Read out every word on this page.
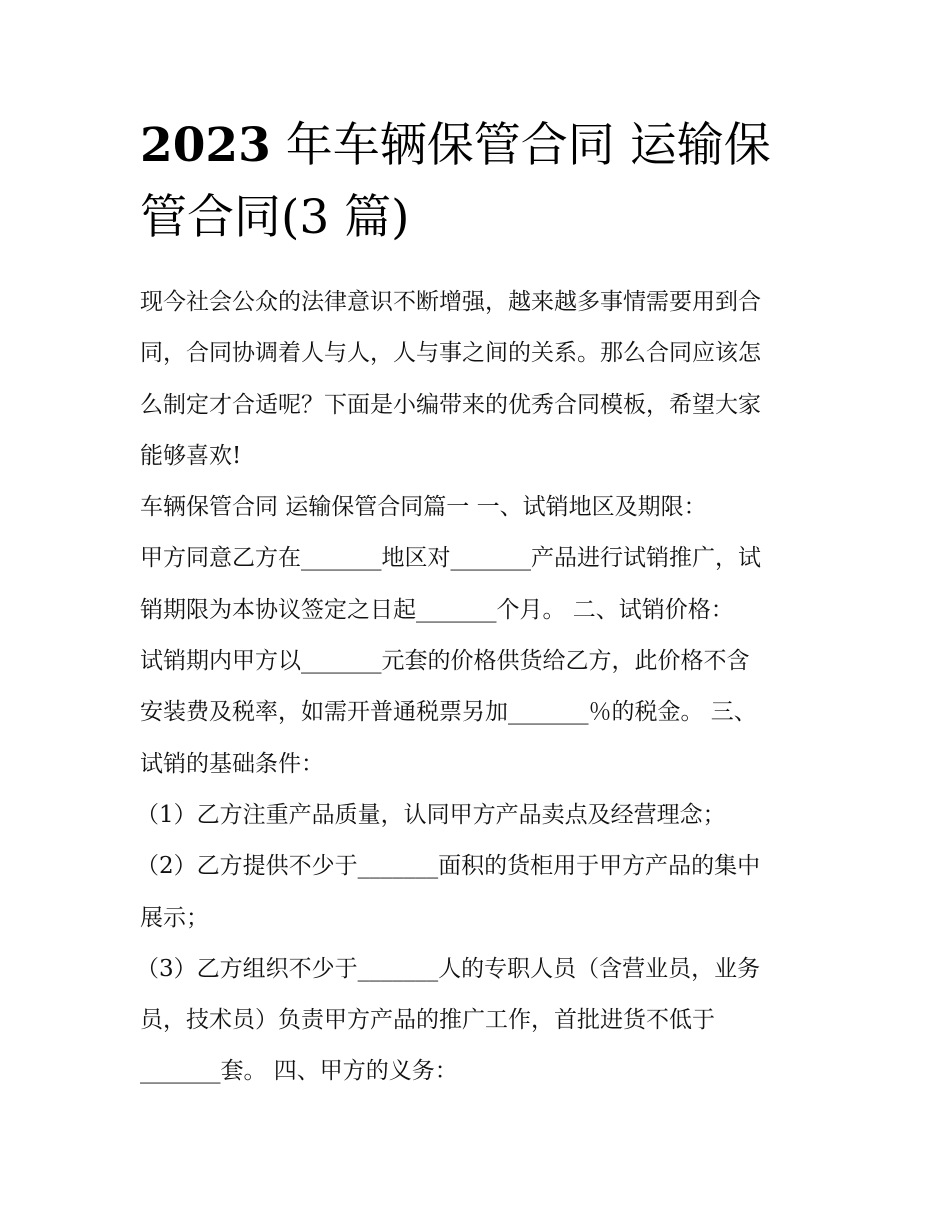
2023 年车辆保管合同 运输保
管合同(3 篇)
现今社会公众的法律意识不断增强，越来越多事情需要用到合
同，合同协调着人与人，人与事之间的关系。那么合同应该怎
么制定才合适呢？下面是小编带来的优秀合同模板，希望大家
能够喜欢!
车辆保管合同 运输保管合同篇一 一、试销地区及期限：
甲方同意乙方在_______地区对_______产品进行试销推广，试
销期限为本协议签定之日起_______个月。 二、试销价格：
试销期内甲方以_______元套的价格供货给乙方，此价格不含
安装费及税率，如需开普通税票另加_______％的税金。 三、
试销的基础条件：
（1）乙方注重产品质量，认同甲方产品卖点及经营理念；
（2）乙方提供不少于_______面积的货柜用于甲方产品的集中
展示；
（3）乙方组织不少于_______人的专职人员（含营业员，业务
员，技术员）负责甲方产品的推广工作，首批进货不低于
_______套。 四、甲方的义务：
